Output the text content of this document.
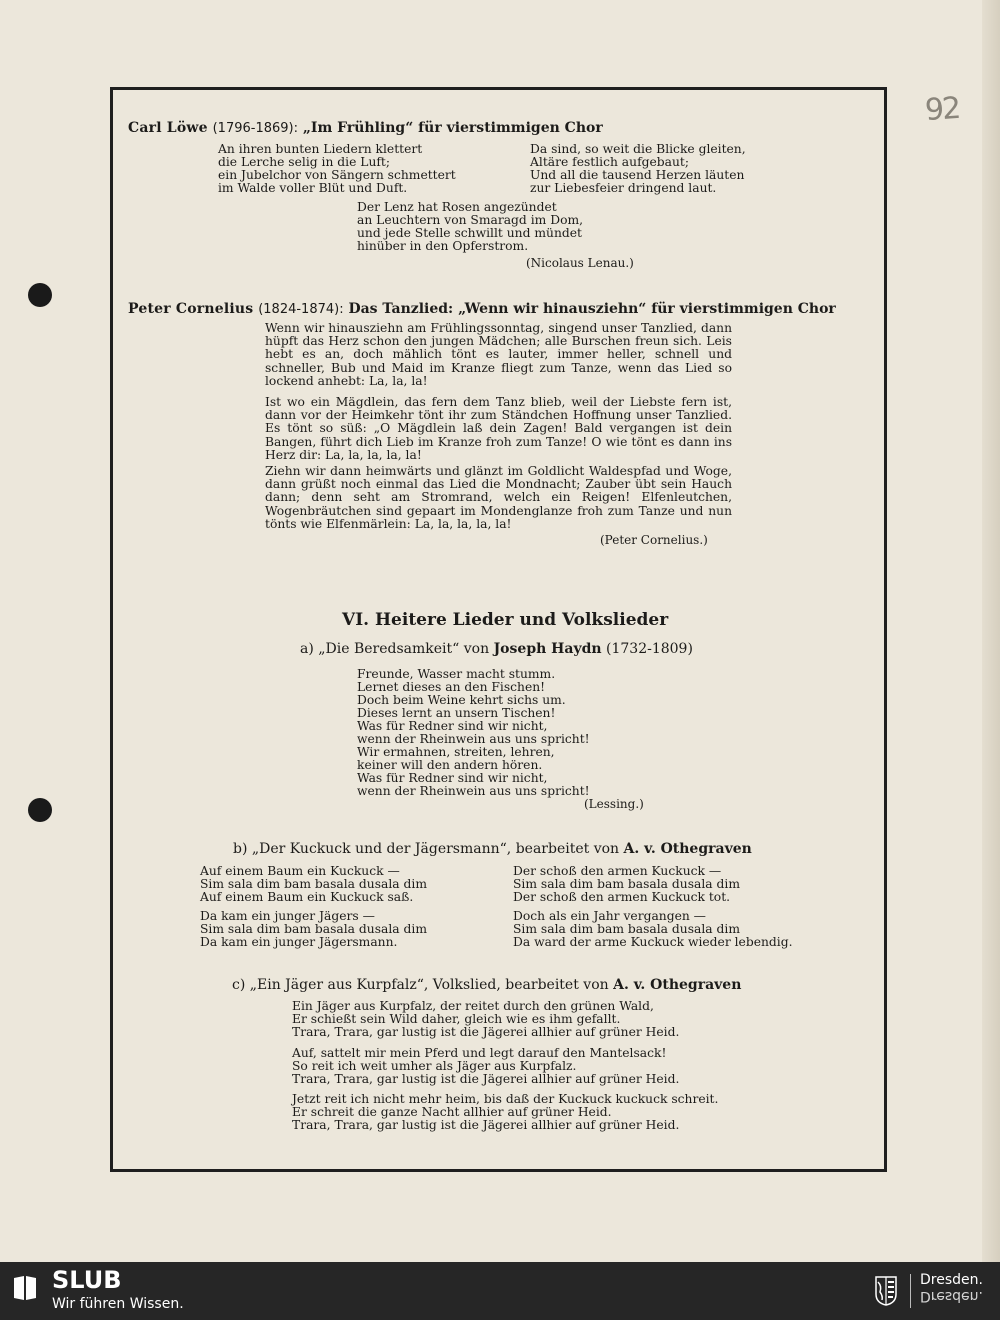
92
Carl Löwe (1796-1869): „Im Frühling“ für vierstimmigen Chor
An ihren bunten Liedern klettert
die Lerche selig in die Luft;
ein Jubelchor von Sängern schmettert
im Walde voller Blüt und Duft.
Da sind, so weit die Blicke gleiten,
Altäre festlich aufgebaut;
Und all die tausend Herzen läuten
zur Liebesfeier dringend laut.
Der Lenz hat Rosen angezündet
an Leuchtern von Smaragd im Dom,
und jede Stelle schwillt und mündet
hinüber in den Opferstrom.
(Nicolaus Lenau.)
Peter Cornelius (1824-1874): Das Tanzlied: „Wenn wir hinausziehn“ für vierstimmigen Chor
Wenn wir hinausziehn am Frühlingssonntag, singend unser Tanzlied, dann hüpft das Herz schon den jungen Mädchen; alle Burschen freun sich. Leis hebt es an, doch mählich tönt es lauter, immer heller, schnell und schneller, Bub und Maid im Kranze fliegt zum Tanze, wenn das Lied so lockend anhebt: La, la, la!
Ist wo ein Mägdlein, das fern dem Tanz blieb, weil der Liebste fern ist, dann vor der Heimkehr tönt ihr zum Ständchen Hoffnung unser Tanzlied. Es tönt so süß: „O Mägdlein laß dein Zagen! Bald vergangen ist dein Bangen, führt dich Lieb im Kranze froh zum Tanze! O wie tönt es dann ins Herz dir: La, la, la, la, la!
Ziehn wir dann heimwärts und glänzt im Goldlicht Waldespfad und Woge, dann grüßt noch einmal das Lied die Mondnacht; Zauber übt sein Hauch dann; denn seht am Stromrand, welch ein Reigen! Elfenleutchen, Wogenbräutchen sind gepaart im Mondenglanze froh zum Tanze und nun tönts wie Elfenmärlein: La, la, la, la, la!
(Peter Cornelius.)
VI. Heitere Lieder und Volkslieder
a) „Die Beredsamkeit“ von Joseph Haydn (1732-1809)
Freunde, Wasser macht stumm.
Lernet dieses an den Fischen!
Doch beim Weine kehrt sichs um.
Dieses lernt an unsern Tischen!
Was für Redner sind wir nicht,
wenn der Rheinwein aus uns spricht!
Wir ermahnen, streiten, lehren,
keiner will den andern hören.
Was für Redner sind wir nicht,
wenn der Rheinwein aus uns spricht!
(Lessing.)
b) „Der Kuckuck und der Jägersmann“, bearbeitet von A. v. Othegraven
Auf einem Baum ein Kuckuck —
Sim sala dim bam basala dusala dim
Auf einem Baum ein Kuckuck saß.
Da kam ein junger Jägers —
Sim sala dim bam basala dusala dim
Da kam ein junger Jägersmann.
Der schoß den armen Kuckuck —
Sim sala dim bam basala dusala dim
Der schoß den armen Kuckuck tot.
Doch als ein Jahr vergangen —
Sim sala dim bam basala dusala dim
Da ward der arme Kuckuck wieder lebendig.
c) „Ein Jäger aus Kurpfalz“, Volkslied, bearbeitet von A. v. Othegraven
Ein Jäger aus Kurpfalz, der reitet durch den grünen Wald,
Er schießt sein Wild daher, gleich wie es ihm gefallt.
Trara, Trara, gar lustig ist die Jägerei allhier auf grüner Heid.
Auf, sattelt mir mein Pferd und legt darauf den Mantelsack!
So reit ich weit umher als Jäger aus Kurpfalz.
Trara, Trara, gar lustig ist die Jägerei allhier auf grüner Heid.
Jetzt reit ich nicht mehr heim, bis daß der Kuckuck kuckuck schreit.
Er schreit die ganze Nacht allhier auf grüner Heid.
Trara, Trara, gar lustig ist die Jägerei allhier auf grüner Heid.
SLUB
Wir führen Wissen.
Dresden.
Dresden.
